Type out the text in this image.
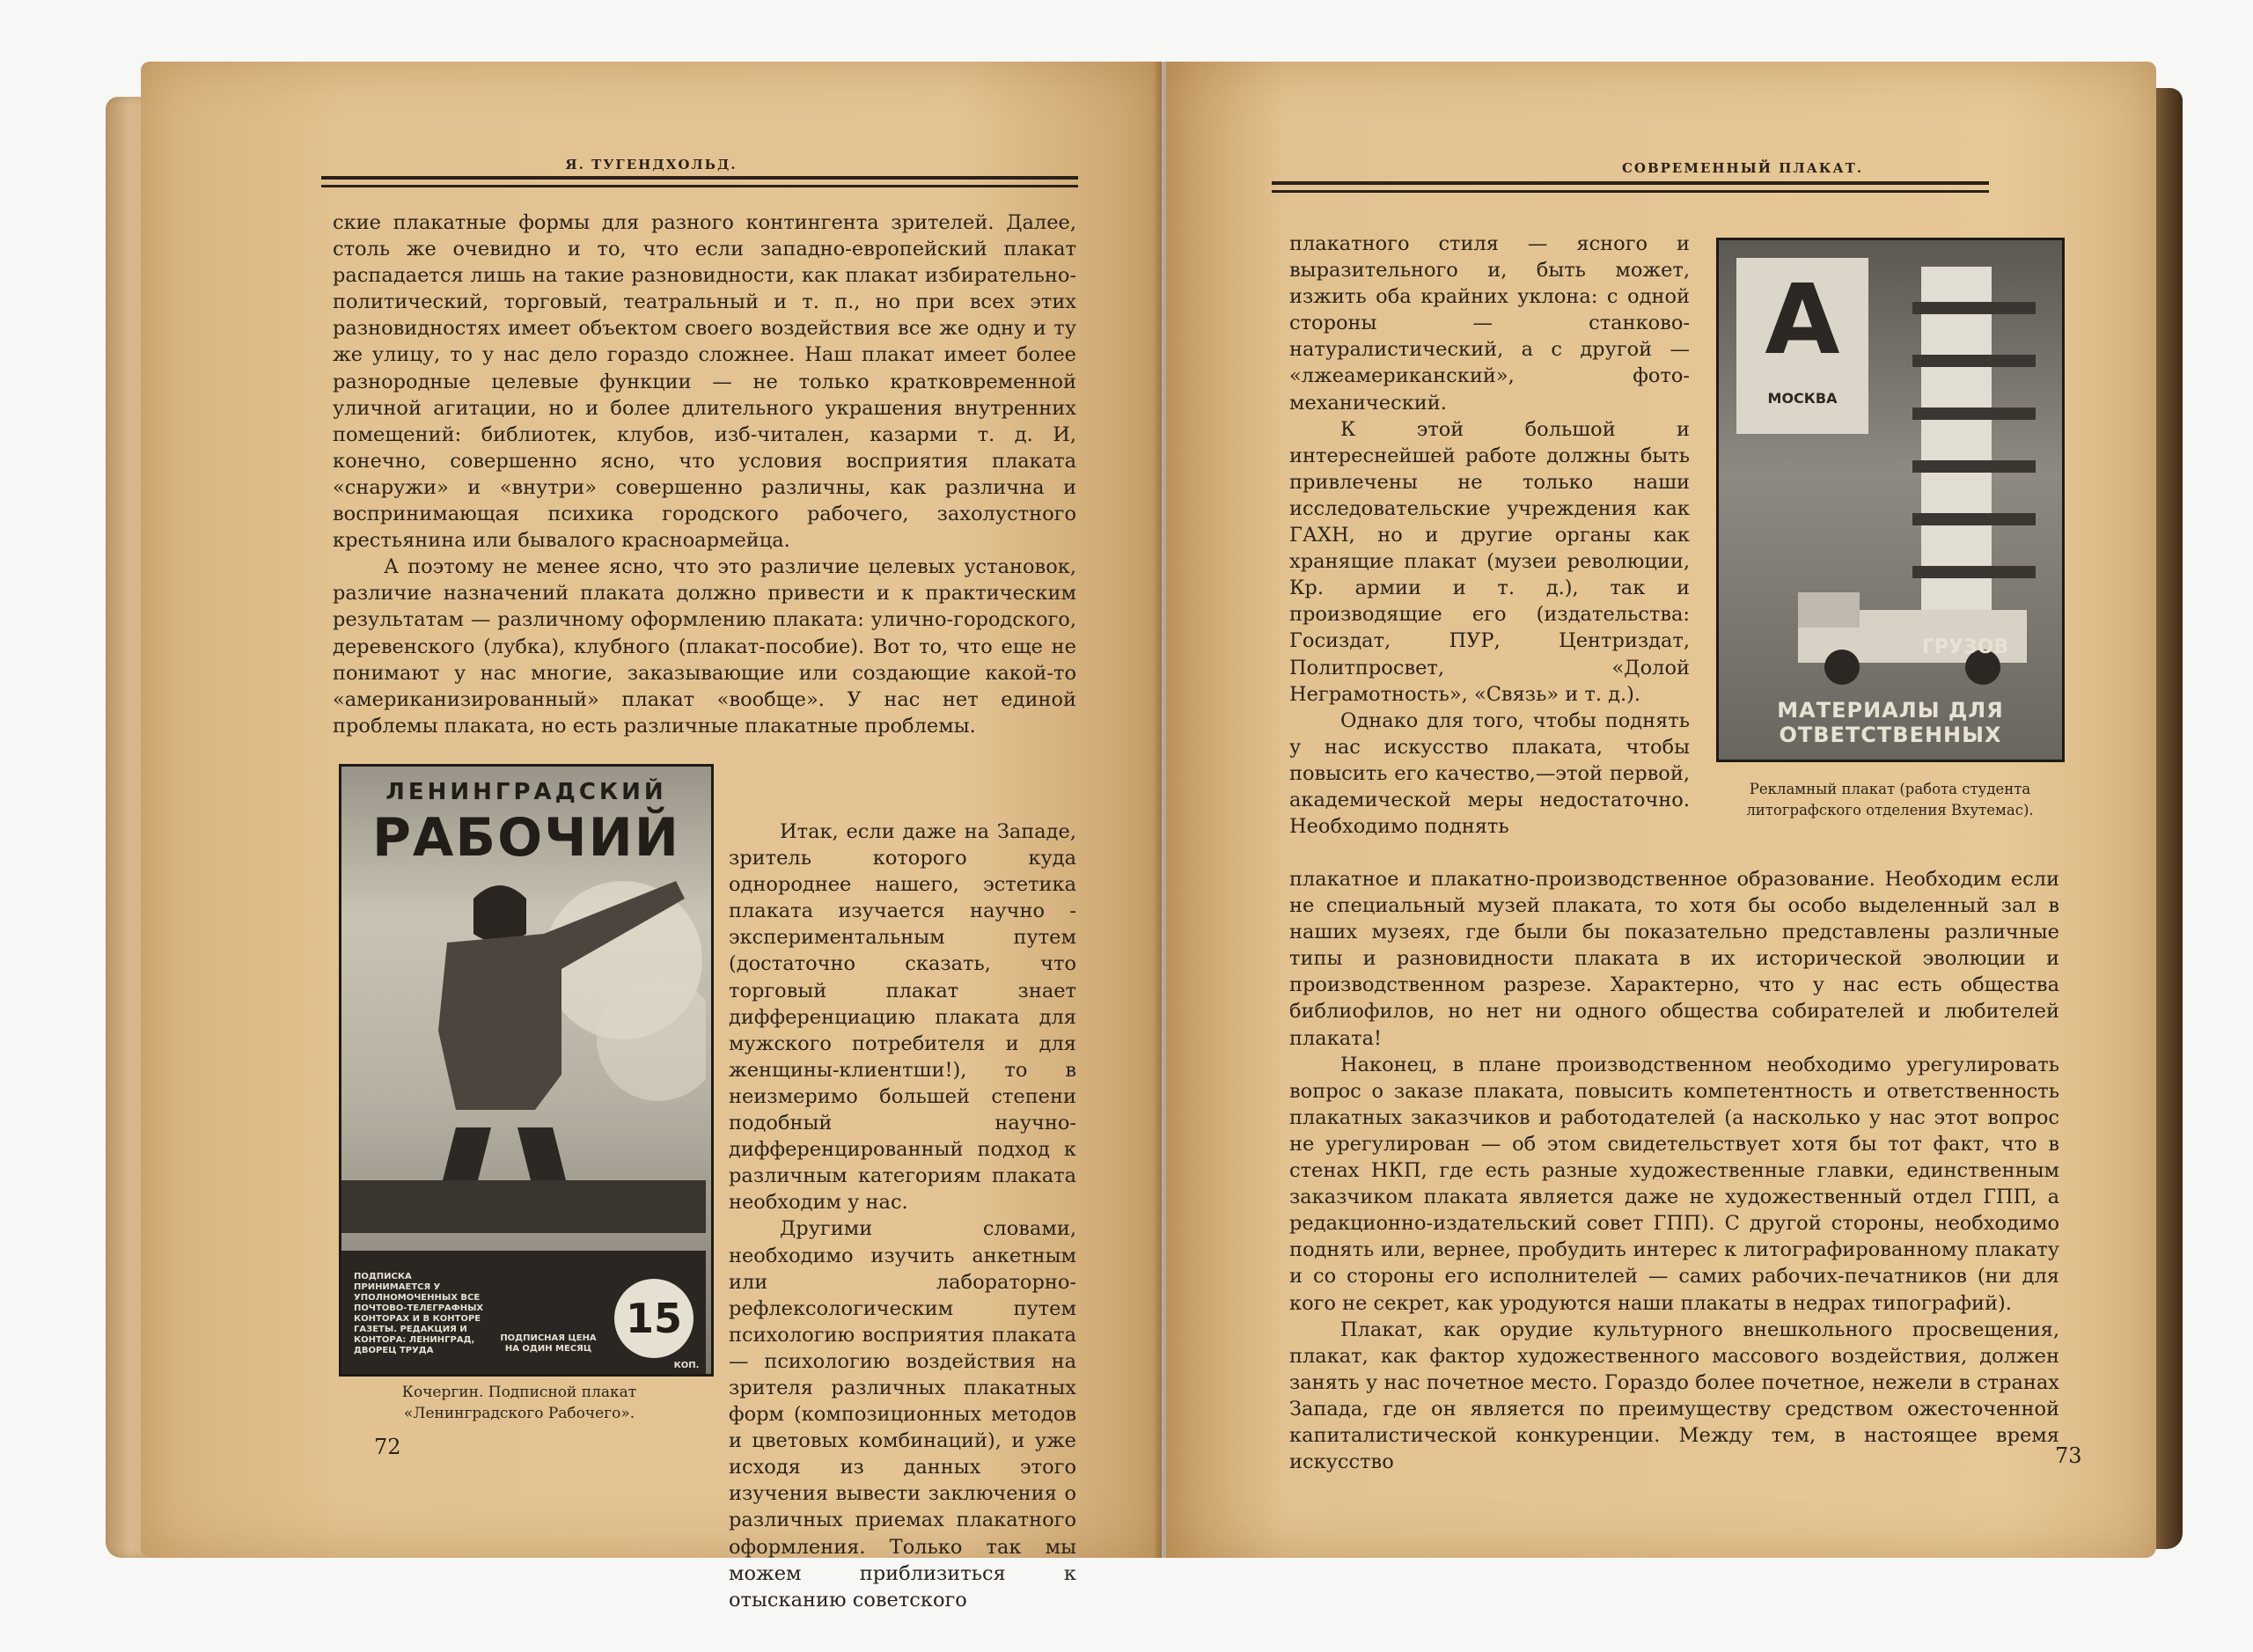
Я. ТУГЕНДХОЛЬД.

ские плакатные формы для разного контингента зрителей. Далее, столь же очевидно и то, что если западно-европейский плакат распадается лишь на такие разновидности, как плакат избирательно-политический, торговый, театральный и т. п., но при всех этих разновидностях имеет объектом своего воздействия все же одну и ту же улицу, то у нас дело гораздо сложнее. Наш плакат имеет более разнородные целевые функции — не только кратковременной уличной агитации, но и более длительного украшения внутренних помещений: библиотек, клубов, изб-читален, казарми т. д. И, конечно, совершенно ясно, что условия восприятия плаката «снаружи» и «внутри» совершенно различны, как различна и воспринимающая психика городского рабочего, захолустного крестьянина или бывалого красноармейца.

А поэтому не менее ясно, что это различие целевых установок, различие назначений плаката должно привести и к практическим результатам — различному оформлению плаката: улично-городского, деревенского (лубка), клубного (плакат-пособие). Вот то, что еще не понимают у нас многие, заказывающие или создающие какой-то «американизированный» плакат «вообще». У нас нет единой проблемы плаката, но есть различные плакатные проблемы.

ЛЕНИНГРАДСКИЙ
РАБОЧИЙ
ПОДПИСКА ПРИНИМАЕТСЯ У УПОЛНОМОЧЕННЫХ ВСЕ ПОЧТОВО-ТЕЛЕГРАФНЫХ КОНТОРАХ И В КОНТОРЕ ГАЗЕТЫ. РЕДАКЦИЯ И КОНТОРА: ЛЕНИНГРАД, ДВОРЕЦ ТРУДА
ПОДПИСНАЯ ЦЕНА НА ОДИН МЕСЯЦ
15
КОП.

Итак, если даже на Западе, зритель которого куда однороднее нашего, эстетика плаката изучается научно - экспериментальным путем (достаточно сказать, что торговый плакат знает дифференциацию плаката для мужского потребителя и для женщины-клиентши!), то в неизмеримо большей степени подобный научно-дифференцированный подход к различным категориям плаката необходим у нас.

Другими словами, необходимо изучить анкетным или лабораторно-рефлексологическим путем психологию восприятия плаката — психологию воздействия на зрителя различных плакатных форм (композиционных методов и цветовых комбинаций), и уже исходя из данных этого изучения вывести заключения о различных приемах плакатного оформления. Только так мы можем приблизиться к отысканию советского

Кочергин. Подписной плакат «Ленинградского Рабочего».
72
СОВРЕМЕННЫЙ ПЛАКАТ.

плакатного стиля — ясного и выразительного и, быть может, изжить оба крайних уклона: с одной стороны — станково-натуралистический, а с другой — «лжеамериканский», фото-механический.

К этой большой и интереснейшей работе должны быть привлечены не только наши исследовательские учреждения как ГАХН, но и другие органы как хранящие плакат (музеи революции, Кр. армии и т. д.), так и производящие его (издательства: Госиздат, ПУР, Центриздат, Политпросвет, «Долой Неграмотность», «Связь» и т. д.).

Однако для того, чтобы поднять у нас искусство плаката, чтобы повысить его качество,—этой первой, академической меры недостаточно. Необходимо поднять

А
МОСКВА
ГРУЗОВ
МАТЕРИАЛЫ ДЛЯ ОТВЕТСТВЕННЫХ
Рекламный плакат (работа студента литографского отделения Вхутемас).

плакатное и плакатно-производственное образование. Необходим если не специальный музей плаката, то хотя бы особо выделенный зал в наших музеях, где были бы показательно представлены различные типы и разновидности плаката в их исторической эволюции и производственном разрезе. Характерно, что у нас есть общества библиофилов, но нет ни одного общества собирателей и любителей плаката!

Наконец, в плане производственном необходимо урегулировать вопрос о заказе плаката, повысить компетентность и ответственность плакатных заказчиков и работодателей (а насколько у нас этот вопрос не урегулирован — об этом свидетельствует хотя бы тот факт, что в стенах НКП, где есть разные художественные главки, единственным заказчиком плаката является даже не художественный отдел ГПП, а редакционно-издательский совет ГПП). С другой стороны, необходимо поднять или, вернее, пробудить интерес к литографированному плакату и со стороны его исполнителей — самих рабочих-печатников (ни для кого не секрет, как уродуются наши плакаты в недрах типографий).

Плакат, как орудие культурного внешкольного просвещения, плакат, как фактор художественного массового воздействия, должен занять у нас почетное место. Гораздо более почетное, нежели в странах Запада, где он является по преимуществу средством ожесточенной капиталистической конкуренции. Между тем, в настоящее время искусство	73
